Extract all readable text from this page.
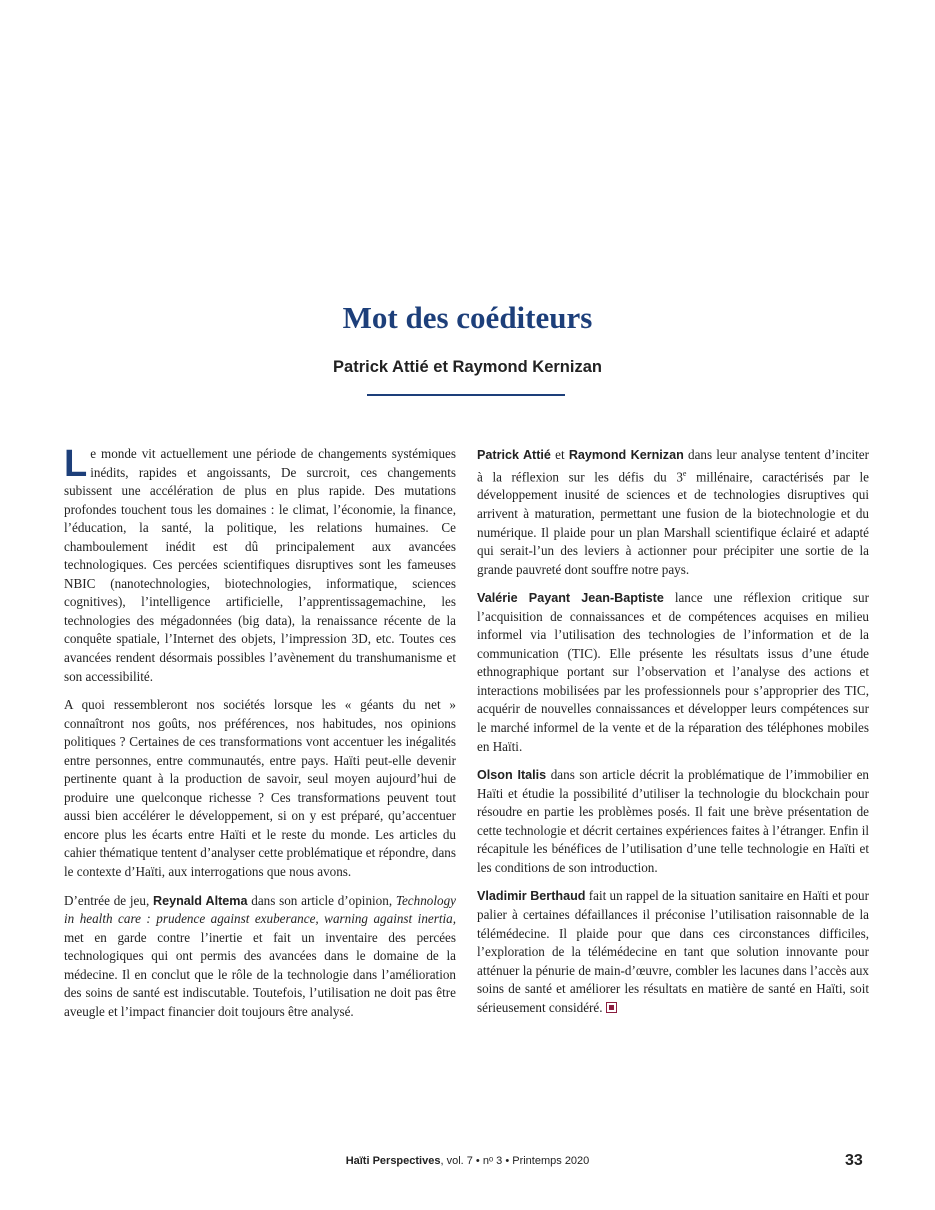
Mot des coéditeurs
Patrick Attié et Raymond Kernizan

Le monde vit actuellement une période de changements systémiques inédits, rapides et angoissants, De surcroit, ces changements subissent une accélération de plus en plus rapide. Des mutations profondes touchent tous les domaines : le climat, l’économie, la finance, l’éducation, la santé, la politique, les relations humaines. Ce chamboulement inédit est dû principalement aux avancées technologiques. Ces percées scientifiques disruptives sont les fameuses NBIC (nanotechnologies, biotechnologies, informatique, sciences cognitives), l’intelligence artificielle, l’apprentissagemachine, les technologies des mégadonnées (big data), la renaissance récente de la conquête spatiale, l’Internet des objets, l’impression 3D, etc. Toutes ces avancées rendent désormais possibles l’avènement du transhumanisme et son accessibilité.

A quoi ressembleront nos sociétés lorsque les « géants du net » connaîtront nos goûts, nos préférences, nos habitudes, nos opinions politiques ? Certaines de ces transformations vont accentuer les inégalités entre personnes, entre communautés, entre pays. Haïti peut-elle devenir pertinente quant à la production de savoir, seul moyen aujourd’hui de produire une quelconque richesse ? Ces transformations peuvent tout aussi bien accélérer le développement, si on y est préparé, qu’accentuer encore plus les écarts entre Haïti et le reste du monde. Les articles du cahier thématique tentent d’analyser cette problématique et répondre, dans le contexte d’Haïti, aux interrogations que nous avons.

D’entrée de jeu, Reynald Altema dans son article d’opinion, Technology in health care : prudence against exuberance, warning against inertia, met en garde contre l’inertie et fait un inventaire des percées technologiques qui ont permis des avancées dans le domaine de la médecine. Il en conclut que le rôle de la technologie dans l’amélioration des soins de santé est indiscutable. Toutefois, l’utilisation ne doit pas être aveugle et l’impact financier doit toujours être analysé.

Patrick Attié et Raymond Kernizan dans leur analyse tentent d’inciter à la réflexion sur les défis du 3e millénaire, caractérisés par le développement inusité de sciences et de technologies disruptives qui arrivent à maturation, permettant une fusion de la biotechnologie et du numérique. Il plaide pour un plan Marshall scientifique éclairé et adapté qui serait-l’un des leviers à actionner pour précipiter une sortie de la grande pauvreté dont souffre notre pays.

Valérie Payant Jean-Baptiste lance une réflexion critique sur l’acquisition de connaissances et de compétences acquises en milieu informel via l’utilisation des technologies de l’information et de la communication (TIC). Elle présente les résultats issus d’une étude ethnographique portant sur l’observation et l’analyse des actions et interactions mobilisées par les professionnels pour s’approprier des TIC, acquérir de nouvelles connaissances et développer leurs compétences sur le marché informel de la vente et de la réparation des téléphones mobiles en Haïti.

Olson Italis dans son article décrit la problématique de l’immobilier en Haïti et étudie la possibilité d’utiliser la technologie du blockchain pour résoudre en partie les problèmes posés. Il fait une brève présentation de cette technologie et décrit certaines expériences faites à l’étranger. Enfin il récapitule les bénéfices de l’utilisation d’une telle technologie en Haïti et les conditions de son introduction.

Vladimir Berthaud fait un rappel de la situation sanitaire en Haïti et pour palier à certaines défaillances il préconise l’utilisation raisonnable de la télémédecine. Il plaide pour que dans ces circonstances difficiles, l’exploration de la télémédecine en tant que solution innovante pour atténuer la pénurie de main-d’œuvre, combler les lacunes dans l’accès aux soins de santé et améliorer les résultats en matière de santé en Haïti, soit sérieusement considéré.

Haïti Perspectives, vol. 7 • nᵒ 3 • Printemps 2020	33
